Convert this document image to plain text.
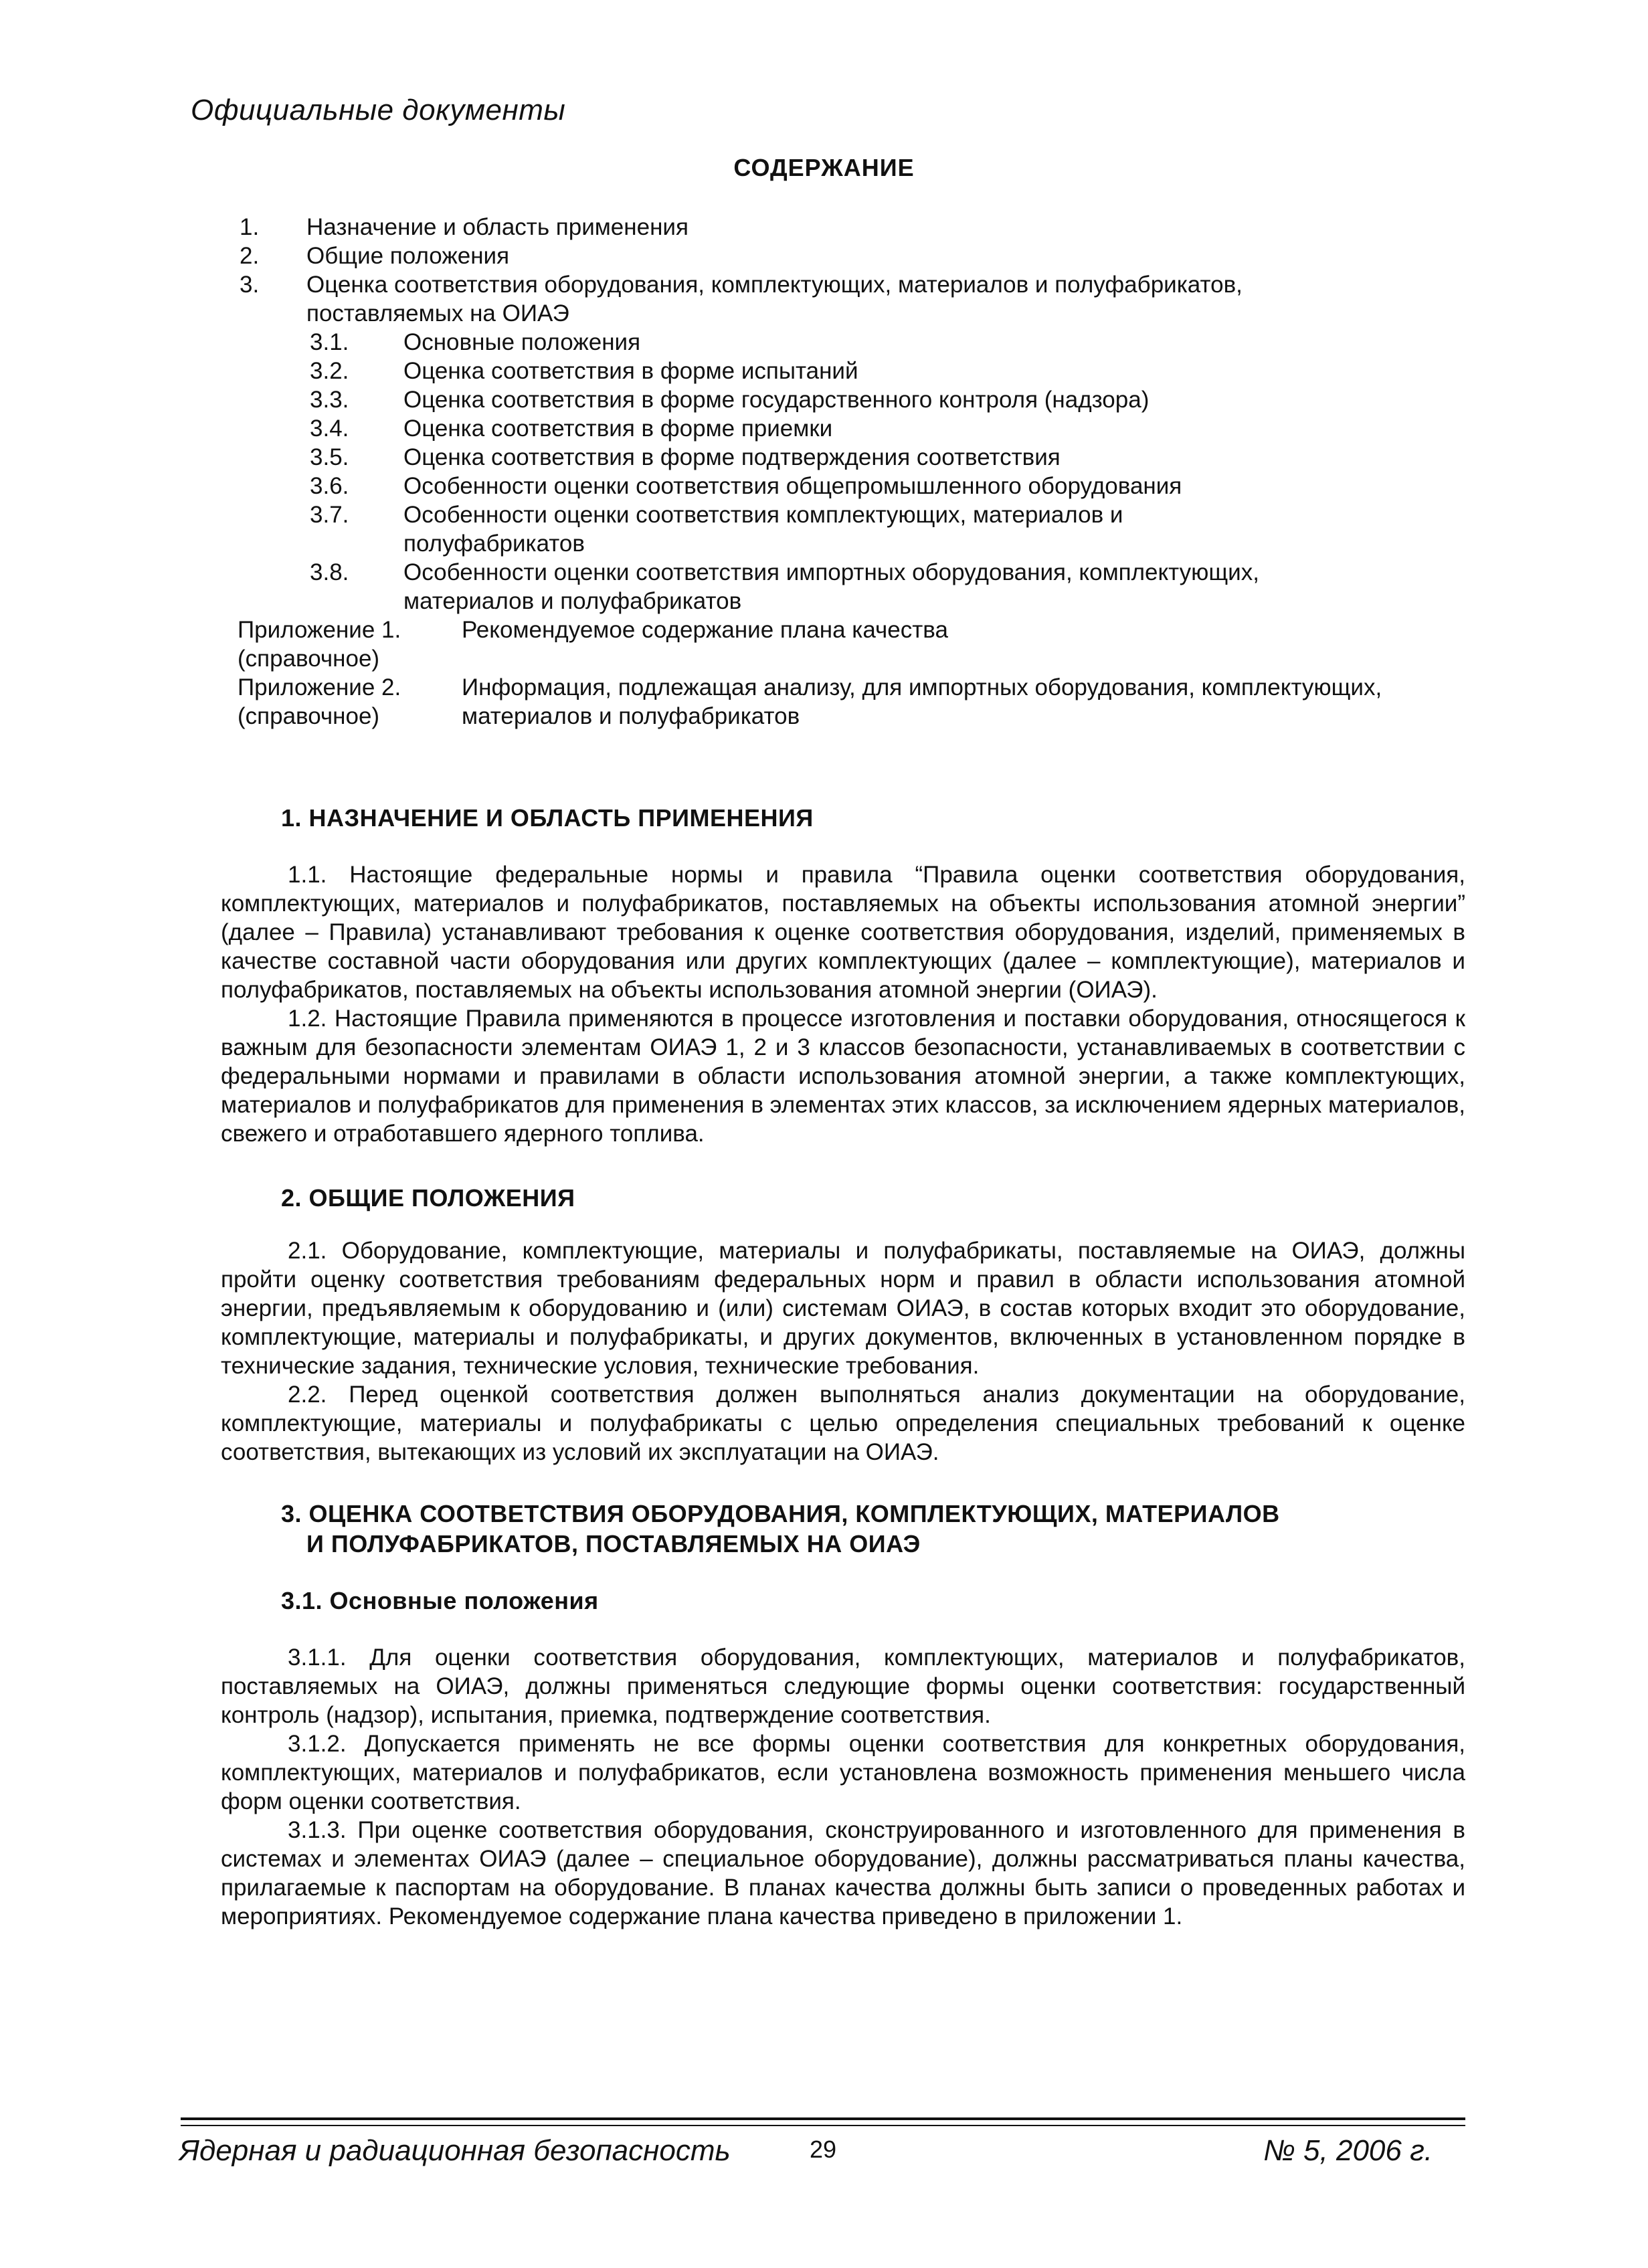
Официальные документы
СОДЕРЖАНИЕ
1. Назначение и область применения
2. Общие положения
3. Оценка соответствия оборудования, комплектующих, материалов и полуфабрикатов, поставляемых на ОИАЭ
3.1. Основные положения
3.2. Оценка соответствия в форме испытаний
3.3. Оценка соответствия в форме государственного контроля (надзора)
3.4. Оценка соответствия в форме приемки
3.5. Оценка соответствия в форме подтверждения соответствия
3.6. Особенности оценки соответствия общепромышленного оборудования
3.7. Особенности оценки соответствия комплектующих, материалов и полуфабрикатов
3.8. Особенности оценки соответствия импортных оборудования, комплектующих, материалов и полуфабрикатов
Приложение 1.
(справочное)
Рекомендуемое содержание плана качества

Приложение 2.
(справочное)
Информация, подлежащая анализу, для импортных оборудования, комплектующих, материалов и полуфабрикатов
1. НАЗНАЧЕНИЕ И ОБЛАСТЬ ПРИМЕНЕНИЯ

1.1. Настоящие федеральные нормы и правила “Правила оценки соответствия оборудования, комплектующих, материалов и полуфабрикатов, поставляемых на объекты использования атомной энергии” (далее – Правила) устанавливают требования к оценке соответствия оборудования, изделий, применяемых в качестве составной части оборудования или других комплектующих (далее – комплектующие), материалов и полуфабрикатов, поставляемых на объекты использования атомной энергии (ОИАЭ).

1.2. Настоящие Правила применяются в процессе изготовления и поставки оборудования, относящегося к важным для безопасности элементам ОИАЭ 1, 2 и 3 классов безопасности, устанавливаемых в соответствии с федеральными нормами и правилами в области использования атомной энергии, а также комплектующих, материалов и полуфабрикатов для применения в элементах этих классов, за исключением ядерных материалов, свежего и отработавшего ядерного топлива.

2. ОБЩИЕ ПОЛОЖЕНИЯ

2.1. Оборудование, комплектующие, материалы и полуфабрикаты, поставляемые на ОИАЭ, должны пройти оценку соответствия требованиям федеральных норм и правил в области использования атомной энергии, предъявляемым к оборудованию и (или) системам ОИАЭ, в состав которых входит это оборудование, комплектующие, материалы и полуфабрикаты, и других документов, включенных в установленном порядке в технические задания, технические условия, технические требования.

2.2. Перед оценкой соответствия должен выполняться анализ документации на оборудование, комплектующие, материалы и полуфабрикаты с целью определения специальных требований к оценке соответствия, вытекающих из условий их эксплуатации на ОИАЭ.

3. ОЦЕНКА СООТВЕТСТВИЯ ОБОРУДОВАНИЯ, КОМПЛЕКТУЮЩИХ, МАТЕРИАЛОВ
И ПОЛУФАБРИКАТОВ, ПОСТАВЛЯЕМЫХ НА ОИАЭ
3.1. Основные положения

3.1.1. Для оценки соответствия оборудования, комплектующих, материалов и полуфабрикатов, поставляемых на ОИАЭ, должны применяться следующие формы оценки соответствия: государственный контроль (надзор), испытания, приемка, подтверждение соответствия.

3.1.2. Допускается применять не все формы оценки соответствия для конкретных оборудования, комплектующих, материалов и полуфабрикатов, если установлена возможность применения меньшего числа форм оценки соответствия.

3.1.3. При оценке соответствия оборудования, сконструированного и изготовленного для применения в системах и элементах ОИАЭ (далее – специальное оборудование), должны рассматриваться планы качества, прилагаемые к паспортам на оборудование. В планах качества должны быть записи о проведенных работах и мероприятиях. Рекомендуемое содержание плана качества приведено в приложении 1.

Ядерная и радиационная безопасность	29	№ 5, 2006 г.
